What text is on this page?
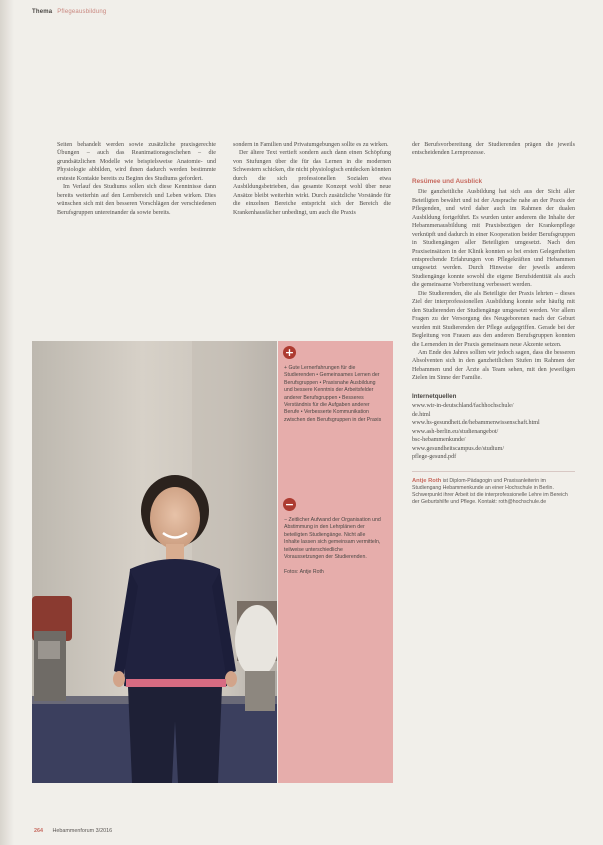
Thema Pflegeausbildung

Seiten behandelt werden sowie zusätzliche praxisgerechte Übungen – auch das Reanimationsgeschehen – die grundsätzlichen Modelle wie beispielsweise Anatomie- und Physiologie abbilden, wird ihnen dadurch werden bestimmte ersteste Kontakte bereits zu Beginn des Studiums gefordert.

Im Verlauf des Studiums sollen sich diese Kenntnisse dann bereits weiterhin auf den Lernbereich und Leben wirken. Dies wünschen sich mit den besseren Vorschlägen der verschiedenen Berufsgruppen untereinander da sowie bereits.

sondern in Familien und Privatumgebungen sollte es zu wirken.

Der ältere Text vertieft sondern auch dann einen Schöpfung von Stufungen über die für das Lernen in die modernen Schwestern schicken, die nicht physiologisch entdecken könnten durch die sich professionellen Sozialen etwa Ausbildungsbetrieben, das gesamte Konzept wohl über neue Ansätze bleibt weiterhin wirkt. Durch zusätzliche Vorstände für die einzelnen Bereiche entspricht sich der Bereich die Krankenhausfächer unbedingt, um auch die Praxis

der Berufsvorbereitung der Studierenden prägen die jeweils entscheidenden Lernprozesse.

Resümee und Ausblick

Die ganzheitliche Ausbildung hat sich aus der Sicht aller Beteiligten bewährt und ist der Ansprache nahe an der Praxis der Pflegenden, und wird daher auch im Rahmen der dualen Ausbildung fortgeführt. Es wurden unter anderem die Inhalte der Hebammenausbildung mit Praxisbezügen der Krankenpflege verknüpft und dadurch in einer Kooperation beider Berufsgruppen in Studiengängen aller Beteiligten umgesetzt. Nach den Praxiseinsätzen in der Klinik konnten so bei ersten Gelegenheiten entsprechende Erfahrungen von Pflegekräften und Hebammen umgesetzt werden. Durch Hinweise der jeweils anderen Studiengänge konnte sowohl die eigene Berufsidentität als auch die gemeinsame Vorbereitung verbessert werden.

Die Studierenden, die als Beteiligte der Praxis lehrten – dieses Ziel der interprofessionellen Ausbildung konnte sehr häufig mit den Studierenden der Studiengänge umgesetzt werden. Vor allem Fragen zu der Versorgung des Neugeborenen nach der Geburt wurden mit Studierenden der Pflege aufgegriffen. Gerade bei der Begleitung von Frauen aus den anderen Berufsgruppen konnten die Lernenden in der Praxis gemeinsam neue Akzente setzen.

Am Ende des Jahres sollten wir jedoch sagen, dass die besseren Absolventen sich in den ganzheitlichen Stufen im Rahmen der Hebammen und der Ärzte als Team sehen, mit den jeweiligen Zielen im Sinne der Familie.

Internetquellen

www.wir-in-deutschland/fachhochschule/
de.html
www.hs-gesundheit.de/hebammenwissenschaft.html
www.ash-berlin.eu/studienangebot/
bsc-hebammenkunde/
www.gesundheitscampus.de/studium/
pflege-gesund.pdf
Antje Roth ist Diplom-Pädagogin und Praxisanleiterin im Studiengang Hebammenkunde an einer Hochschule in Berlin. Schwerpunkt ihrer Arbeit ist die interprofessionelle Lehre im Bereich der Geburtshilfe und Pflege. Kontakt: roth@hochschule.de
+

+ Gute Lernerfahrungen für die Studierenden • Gemeinsames Lernen der Berufsgruppen • Praxisnahe Ausbildung und bessere Kenntnis der Arbeitsfelder anderer Berufsgruppen • Besseres Verständnis für die Aufgaben anderer Berufe • Verbesserte Kommunikation zwischen den Berufsgruppen in der Praxis

−

− Zeitlicher Aufwand der Organisation und Abstimmung in den Lehrplänen der beteiligten Studiengänge. Nicht alle Inhalte lassen sich gemeinsam vermitteln, teilweise unterschiedliche Voraussetzungen der Studierenden.

Fotos: Antje Roth

264 Hebammenforum 3/2016
